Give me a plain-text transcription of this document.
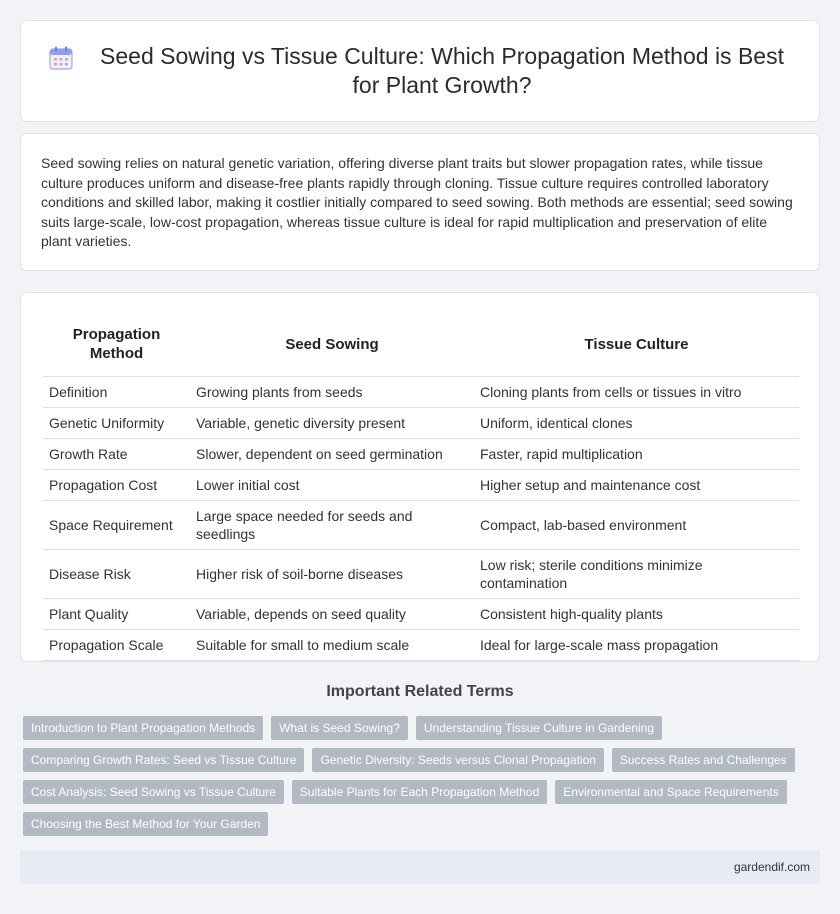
Seed Sowing vs Tissue Culture: Which Propagation Method is Best for Plant Growth?

Seed sowing relies on natural genetic variation, offering diverse plant traits but slower propagation rates, while tissue culture produces uniform and disease-free plants rapidly through cloning. Tissue culture requires controlled laboratory conditions and skilled labor, making it costlier initially compared to seed sowing. Both methods are essential; seed sowing suits large-scale, low-cost propagation, whereas tissue culture is ideal for rapid multiplication and preservation of elite plant varieties.

Propagation Method	Seed Sowing	Tissue Culture
Definition	Growing plants from seeds	Cloning plants from cells or tissues in vitro
Genetic Uniformity	Variable, genetic diversity present	Uniform, identical clones
Growth Rate	Slower, dependent on seed germination	Faster, rapid multiplication
Propagation Cost	Lower initial cost	Higher setup and maintenance cost
Space Requirement	Large space needed for seeds and seedlings	Compact, lab-based environment
Disease Risk	Higher risk of soil-borne diseases	Low risk; sterile conditions minimize contamination
Plant Quality	Variable, depends on seed quality	Consistent high-quality plants
Propagation Scale	Suitable for small to medium scale	Ideal for large-scale mass propagation
Important Related Terms
Introduction to Plant Propagation Methods	What is Seed Sowing?	Understanding Tissue Culture in Gardening
Comparing Growth Rates: Seed vs Tissue Culture	Genetic Diversity: Seeds versus Clonal Propagation	Success Rates and Challenges
Cost Analysis: Seed Sowing vs Tissue Culture	Suitable Plants for Each Propagation Method	Environmental and Space Requirements
Choosing the Best Method for Your Garden
gardendif.com
